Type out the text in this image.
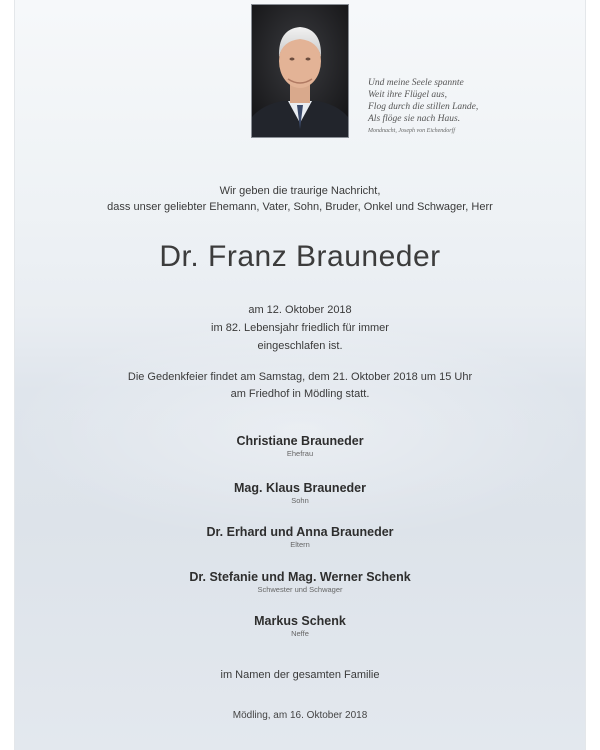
Und meine Seele spannte
Weit ihre Flügel aus,
Flog durch die stillen Lande,
Als flöge sie nach Haus.
Mondnacht, Joseph von Eichendorff
Wir geben die traurige Nachricht,
dass unser geliebter Ehemann, Vater, Sohn, Bruder, Onkel und Schwager, Herr
Dr. Franz Brauneder
am 12. Oktober 2018
im 82. Lebensjahr friedlich für immer
eingeschlafen ist.
Die Gedenkfeier findet am Samstag, dem 21. Oktober 2018 um 15 Uhr
am Friedhof in Mödling statt.
Christiane Brauneder
Ehefrau
Mag. Klaus Brauneder
Sohn
Dr. Erhard und Anna Brauneder
Eltern
Dr. Stefanie und Mag. Werner Schenk
Schwester und Schwager
Markus Schenk
Neffe
im Namen der gesamten Familie
Mödling, am 16. Oktober 2018
